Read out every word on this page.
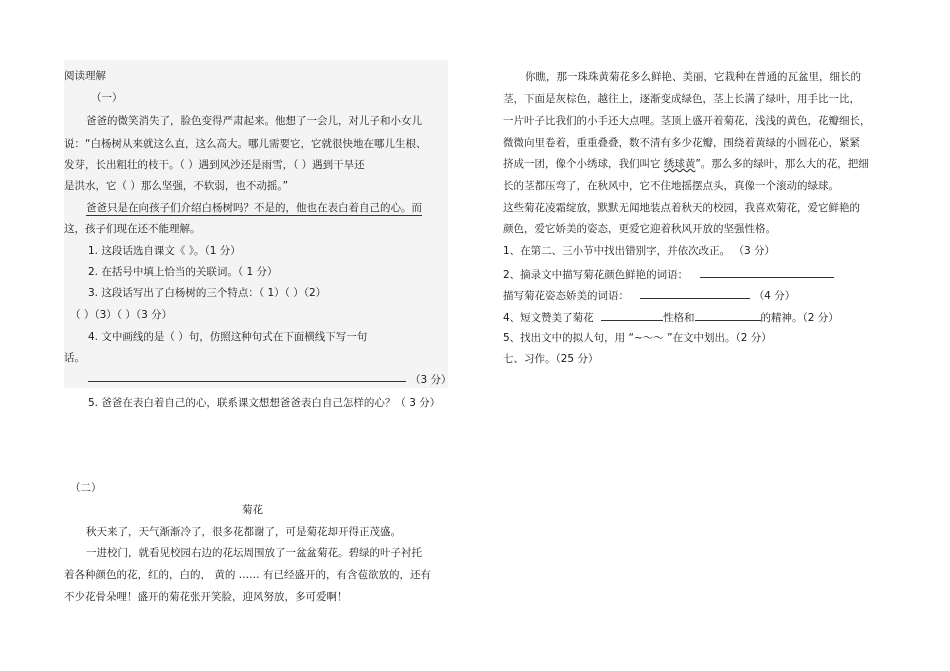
阅读理解
（一）
爸爸的微笑消失了，脸色变得严肃起来。他想了一会儿，对儿子和小女儿
说：“白杨树从来就这么直，这么高大。哪儿需要它，它就很快地在哪儿生根、
发芽，长出粗壮的枝干。（ ）遇到风沙还是雨雪，（ ）遇到干旱还
是洪水，它（ ）那么坚强，不软弱，也不动摇。”
爸爸只是在向孩子们介绍白杨树吗？不是的，他也在表白着自己的心。而
这，孩子们现在还不能理解。
1. 这段话选自课文《 》。（1 分）
2. 在括号中填上恰当的关联词。（ 1 分）
3. 这段话写出了白杨树的三个特点：（ 1）（ ）（2）
（ ）（3）（ ）（3 分）
4. 文中画线的是（ ）句，仿照这种句式在下面横线下写一句
话。
（3 分）
5. 爸爸在表白着自己的心，联系课文想想爸爸表白自己怎样的心？（ 3 分）
（二）
菊花
秋天来了，天气渐渐冷了，很多花都谢了，可是菊花却开得正茂盛。
一进校门，就看见校园右边的花坛周围放了一盆盆菊花。碧绿的叶子衬托
着各种颜色的花，红的，白的， 黄的 …… 有已经盛开的，有含苞欲放的，还有
不少花骨朵哩！盛开的菊花张开笑脸，迎风努放，多可爱啊！
你瞧，那一珠珠黄菊花多么鲜艳、美丽，它栽种在普通的瓦盆里，细长的
茎，下面是灰棕色，越往上，逐渐变成绿色，茎上长满了绿叶，用手比一比，
一片叶子比我们的小手还大点哩。茎顶上盛开着菊花，浅浅的黄色，花瓣细长，
微微向里卷着，重重叠叠，数不清有多少花瓣，围绕着黄绿的小圆花心，紧紧
挤成一团，像个小绣球，我们叫它 绣球黄”。那么多的绿叶，那么大的花，把细
长的茎都压弯了，在秋风中，它不住地摇摆点头，真像一个滚动的绿球。
这些菊花凌霜绽放，默默无闻地装点着秋天的校园，我喜欢菊花，爱它鲜艳的
颜色，爱它娇美的姿态，更爱它迎着秋风开放的坚强性格。
1、在第二、三小节中找出错别字，并依次改正。 （3 分）
2、摘录文中描写菊花颜色鲜艳的词语：
描写菊花姿态娇美的词语：	（4 分）
4、短文赞美了菊花	性格和	的精神。（2 分）
5、找出文中的拟人句，用 “~～～ ”在文中划出。（2 分）
七、习作。（25 分）
